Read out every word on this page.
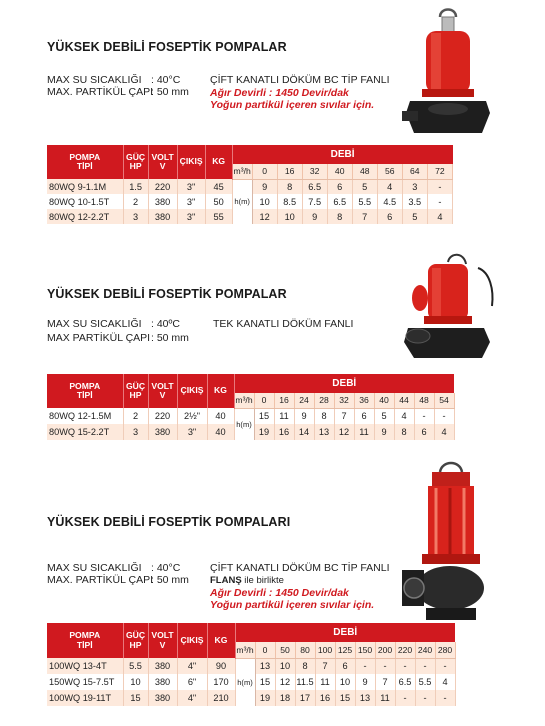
YÜKSEK DEBİLİ FOSEPTİK POMPALAR
MAX SU SICAKLIĞI : 40°C
MAX. PARTİKÜL ÇAPI: 50 mm
ÇİFT KANATLI DÖKÜM BC TİP FANLI
Ağır Devirli : 1450 Devir/dak
Yoğun partikül içeren sıvılar için.
POMPA
TİPİ	GÜÇ
HP	VOLT
V	ÇIKIŞ	KG	DEBİ								
					m³/h	0	16	32	40	48	56	64	72
80WQ 9-1.1M	1.5	220	3"	45	h(m)	9	8	6.5	6	5	4	3	-
80WQ 10-1.5T	2	380	3"	50		10	8.5	7.5	6.5	5.5	4.5	3.5	-
80WQ 12-2.2T	3	380	3"	55		12	10	9	8	7	6	5	4
YÜKSEK DEBİLİ FOSEPTİK POMPALAR
MAX SU SICAKLIĞI : 40ºC
MAX PARTİKÜL ÇAPI: 50 mm
TEK KANATLI DÖKÜM FANLI
POMPA
TİPİ	GÜÇ
HP	VOLT
V	ÇIKIŞ	KG	DEBİ										
					m³/h	0	16	24	28	32	36	40	44	48	54
80WQ 12-1.5M	2	220	2½"	40	h(m)	15	11	9	8	7	6	5	4	-	-
80WQ 15-2.2T	3	380	3"	40		19	16	14	13	12	11	9	8	6	4
YÜKSEK DEBİLİ FOSEPTİK POMPALARI
MAX SU SICAKLIĞI : 40°C
MAX. PARTİKÜL ÇAPI: 50 mm
ÇİFT KANATLI DÖKÜM BC TİP FANLI
FLANŞ ile birlikte
Ağır Devirli : 1450 Devir/dak
Yoğun partikül içeren sıvılar için.
POMPA
TİPİ	GÜÇ
HP	VOLT
V	ÇIKIŞ	KG	DEBİ										
					m³/h	0	50	80	100	125	150	200	220	240	280
100WQ 13-4T	5.5	380	4"	90	h(m)	13	10	8	7	6	-	-	-	-	-
150WQ 15-7.5T	10	380	6"	170		15	12	11.5	11	10	9	7	6.5	5.5	4
100WQ 19-11T	15	380	4"	210		19	18	17	16	15	13	11	-	-	-
